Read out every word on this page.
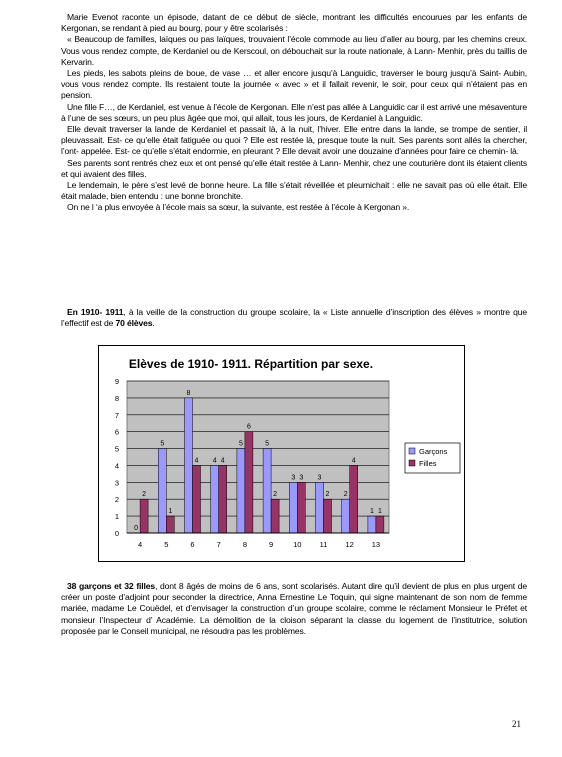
Marie Evenot raconte un épisode, datant de ce début de siècle, montrant les difficultés encourues par les enfants de Kergonan, se rendant à pied au bourg, pour y être scolarisés :

« Beaucoup de familles, laïques ou pas laïques, trouvaient l’école commode au lieu d’aller au bourg, par les chemins creux. Vous vous rendez compte, de Kerdaniel ou de Kerscoul, on débouchait sur la route nationale, à Lann- Menhir, près du taillis de Kervarin.

Les pieds, les sabots pleins de boue, de vase … et aller encore jusqu’à Languidic, traverser le bourg jusqu’à Saint- Aubin, vous vous rendez compte. Ils restaient toute la journée « avec » et il fallait revenir, le soir, pour ceux qui n’étaient pas en pension.

Une fille F…, de Kerdaniel, est venue à l’école de Kergonan. Elle n’est pas allée à Languidic car il est arrivé une mésaventure à l’une de ses sœurs, un peu plus âgée que moi, qui allait, tous les jours, de Kerdaniel à Languidic.

Elle devait traverser la lande de Kerdaniel et passait là, à la nuit, l’hiver. Elle entre dans la lande, se trompe de sentier, il pleuvassait. Est- ce qu’elle était fatiguée ou quoi ? Elle est restée là, presque toute la nuit. Ses parents sont allés la chercher, l’ont- appelée. Est- ce qu’elle s’était endormie, en pleurant ? Elle devait avoir une douzaine d’années pour faire ce chemin- là.

Ses parents sont rentrés chez eux et ont pensé qu’elle était restée à Lann- Menhir, chez une couturière dont ils étaient clients et qui avaient des filles.

Le lendemain, le père s’est levé de bonne heure. La fille s’était réveillée et pleurnichait : elle ne savait pas où elle était. Elle était malade, bien entendu : une bonne bronchite.

On ne l ‘a plus envoyée à l’école mais sa sœur, la suivante, est restée à l’école à Kergonan ».

En 1910- 1911, à la veille de la construction du groupe scolaire, la « Liste annuelle d’inscription des élèves » montre que l’effectif est de 70 élèves.

Elèves de 1910- 1911. Répartition par sexe.
0
1
2
3
4
5
6
7
8
9
0
2
4
5
1
5
8
4
6
4 4
7
5
6
8
5
2
9
3 3
10
3
2
11
2
4
12
1 1
13
Garçons
Filles

38 garçons et 32 filles, dont 8 âgés de moins de 6 ans, sont scolarisés. Autant dire qu’il devient de plus en plus urgent de créer un poste d’adjoint pour seconder la directrice, Anna Ernestine Le Toquin, qui signe maintenant de son nom de femme mariée, madame Le Couëdel, et d’envisager la construction d’un groupe scolaire, comme le réclament Monsieur le Préfet et monsieur l’Inspecteur d’ Académie. La démolition de la cloison séparant la classe du logement de l’institutrice, solution proposée par le Conseil municipal, ne résoudra pas les problèmes.

21
